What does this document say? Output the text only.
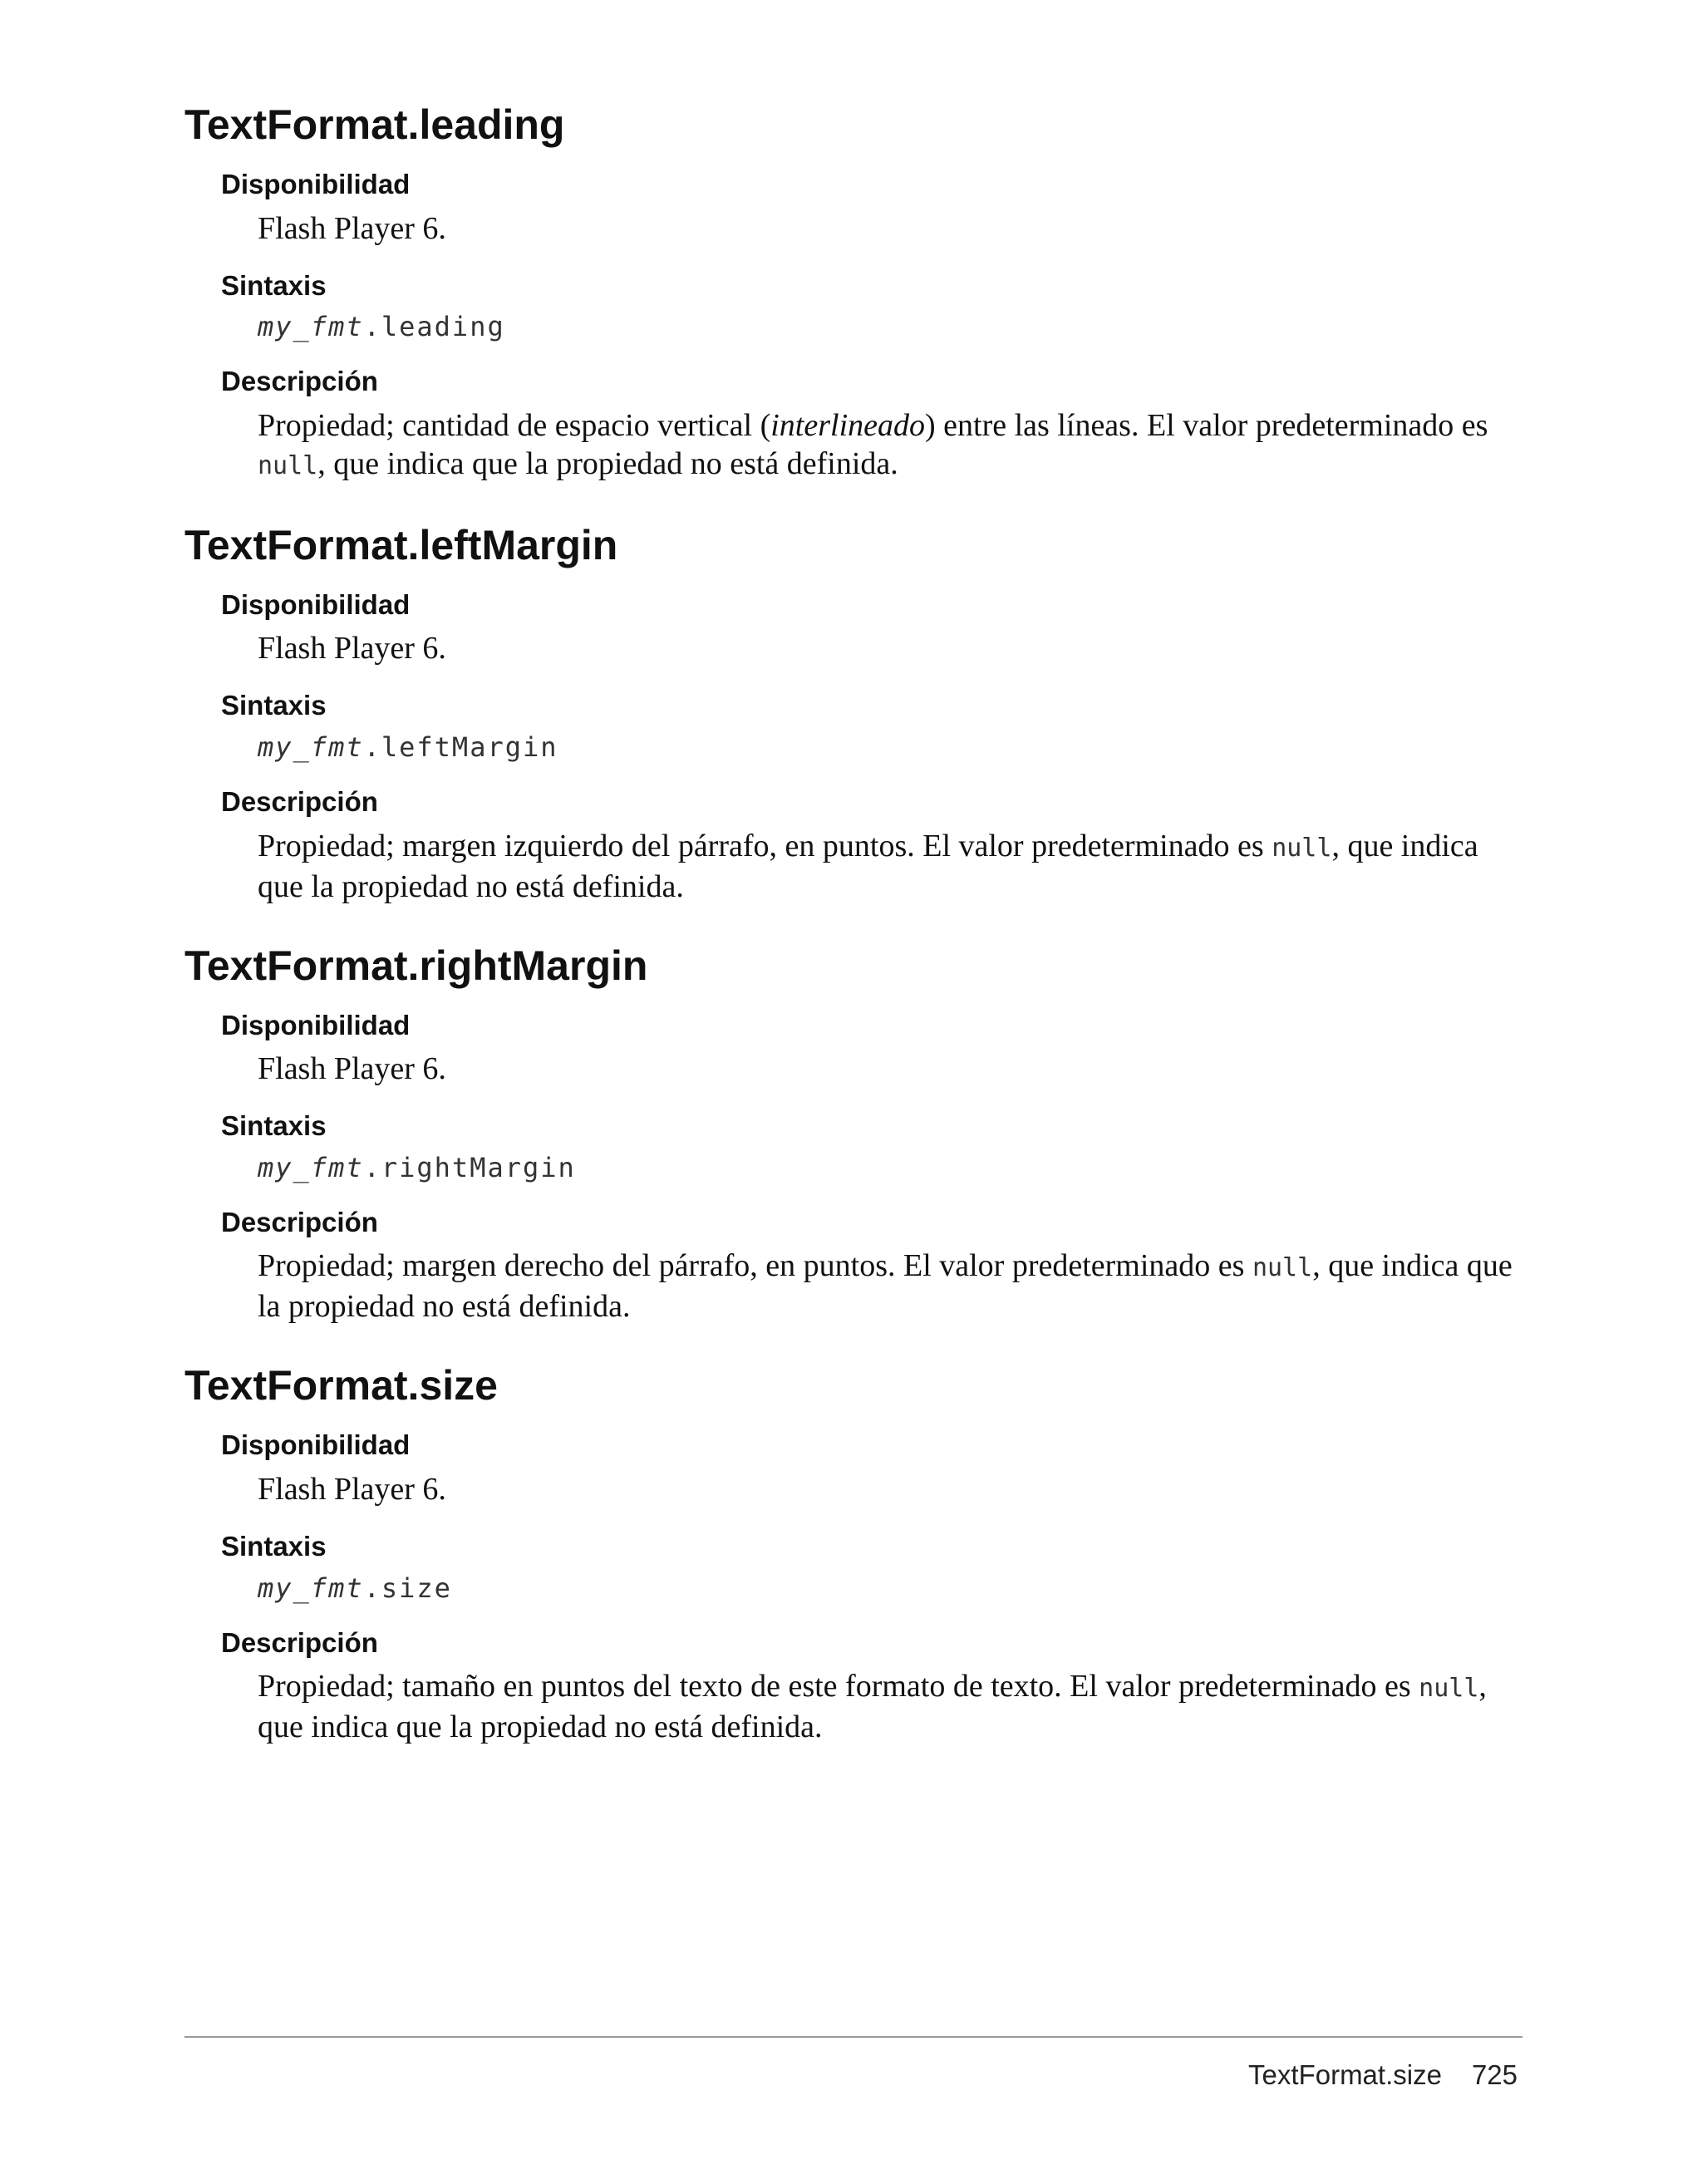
TextFormat.leading
Disponibilidad

Flash Player 6.

Sintaxis
my_fmt.leading
Descripción

Propiedad; cantidad de espacio vertical (interlineado) entre las líneas. El valor predeterminado es null, que indica que la propiedad no está definida.

TextFormat.leftMargin
Disponibilidad

Flash Player 6.

Sintaxis
my_fmt.leftMargin
Descripción

Propiedad; margen izquierdo del párrafo, en puntos. El valor predeterminado es null, que indica que la propiedad no está definida.

TextFormat.rightMargin
Disponibilidad

Flash Player 6.

Sintaxis
my_fmt.rightMargin
Descripción

Propiedad; margen derecho del párrafo, en puntos. El valor predeterminado es null, que indica que la propiedad no está definida.

TextFormat.size
Disponibilidad

Flash Player 6.

Sintaxis
my_fmt.size
Descripción

Propiedad; tamaño en puntos del texto de este formato de texto. El valor predeterminado es null, que indica que la propiedad no está definida.

TextFormat.size 725
